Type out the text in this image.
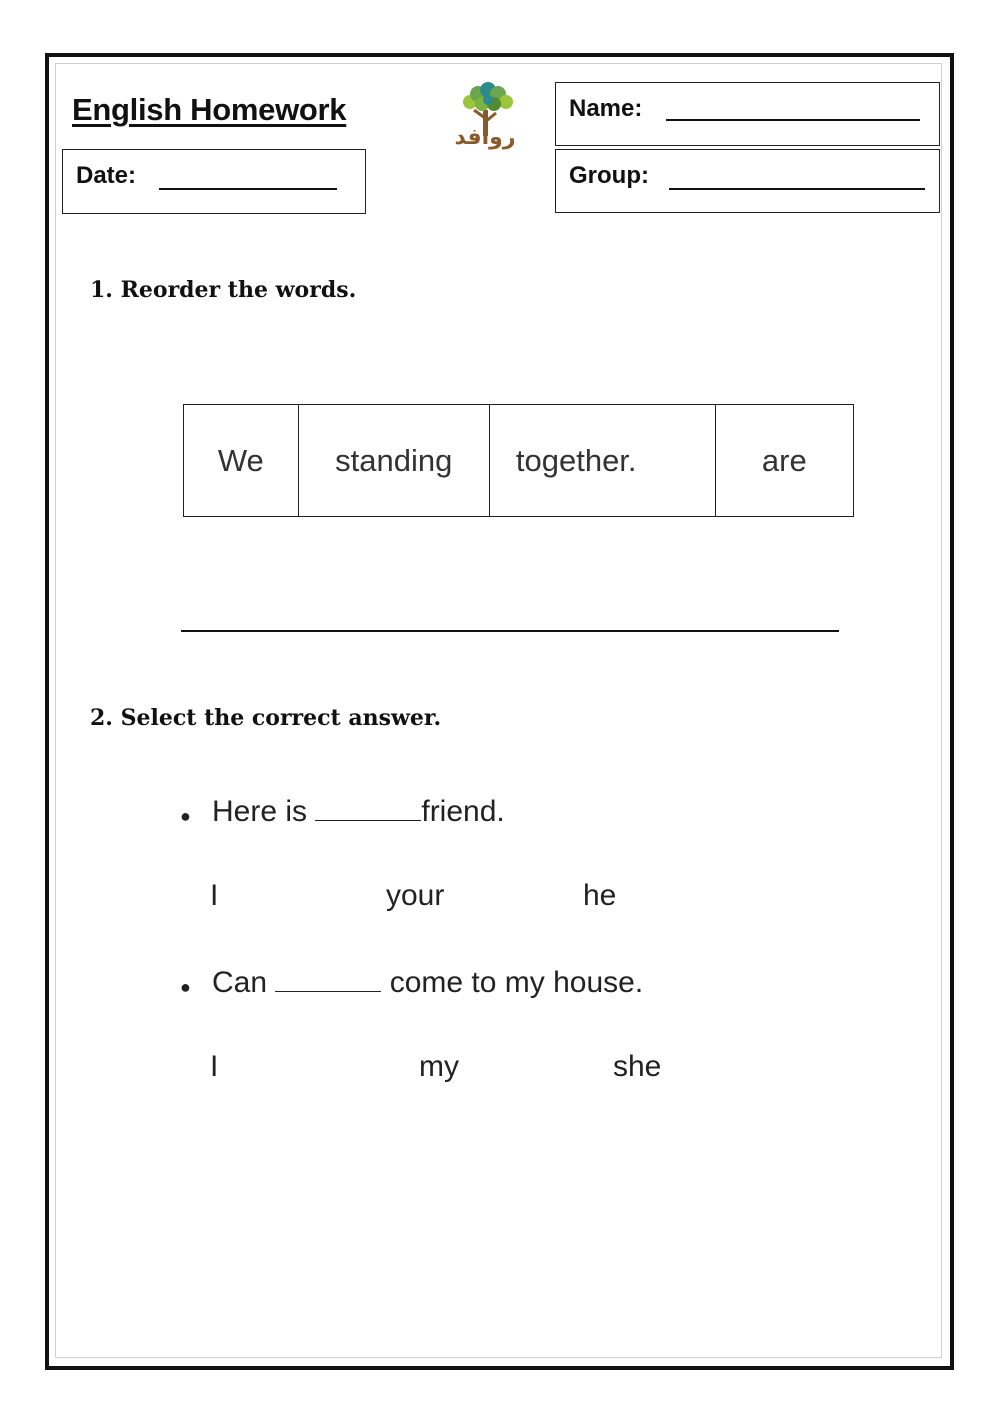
English Homework
روافد
Date:
Name:
Group:
1. Reorder the words.
We	standing	together.	are
2. Select the correct answer.
● Here is	friend.
I	your	he
● Can	come to my house.
I	my	she
